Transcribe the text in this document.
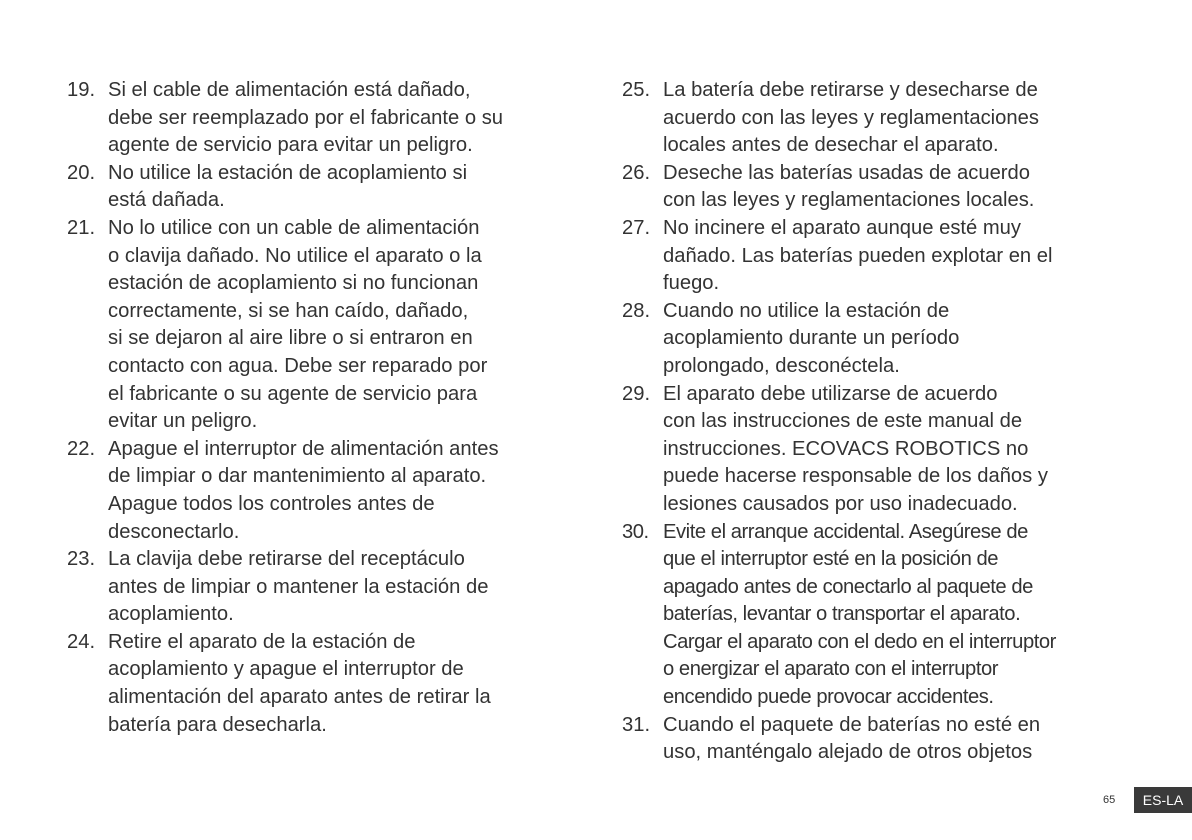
19. Si el cable de alimentación está dañado,
debe ser reemplazado por el fabricante o su
agente de servicio para evitar un peligro.
20. No utilice la estación de acoplamiento si
está dañada.
21. No lo utilice con un cable de alimentación
o clavija dañado. No utilice el aparato o la
estación de acoplamiento si no funcionan
correctamente, si se han caído, dañado,
si se dejaron al aire libre o si entraron en
contacto con agua. Debe ser reparado por
el fabricante o su agente de servicio para
evitar un peligro.
22. Apague el interruptor de alimentación antes
de limpiar o dar mantenimiento al aparato.
Apague todos los controles antes de
desconectarlo.
23. La clavija debe retirarse del receptáculo
antes de limpiar o mantener la estación de
acoplamiento.
24. Retire el aparato de la estación de
acoplamiento y apague el interruptor de
alimentación del aparato antes de retirar la
batería para desecharla.
25. La batería debe retirarse y desecharse de
acuerdo con las leyes y reglamentaciones
locales antes de desechar el aparato.
26. Deseche las baterías usadas de acuerdo
con las leyes y reglamentaciones locales.
27. No incinere el aparato aunque esté muy
dañado. Las baterías pueden explotar en el
fuego.
28. Cuando no utilice la estación de
acoplamiento durante un período
prolongado, desconéctela.
29. El aparato debe utilizarse de acuerdo
con las instrucciones de este manual de
instrucciones. ECOVACS ROBOTICS no
puede hacerse responsable de los daños y
lesiones causados por uso inadecuado.
30. Evite el arranque accidental. Asegúrese de
que el interruptor esté en la posición de
apagado antes de conectarlo al paquete de
baterías, levantar o transportar el aparato.
Cargar el aparato con el dedo en el interruptor
o energizar el aparato con el interruptor
encendido puede provocar accidentes.
31. Cuando el paquete de baterías no esté en
uso, manténgalo alejado de otros objetos
65	ES-LA
